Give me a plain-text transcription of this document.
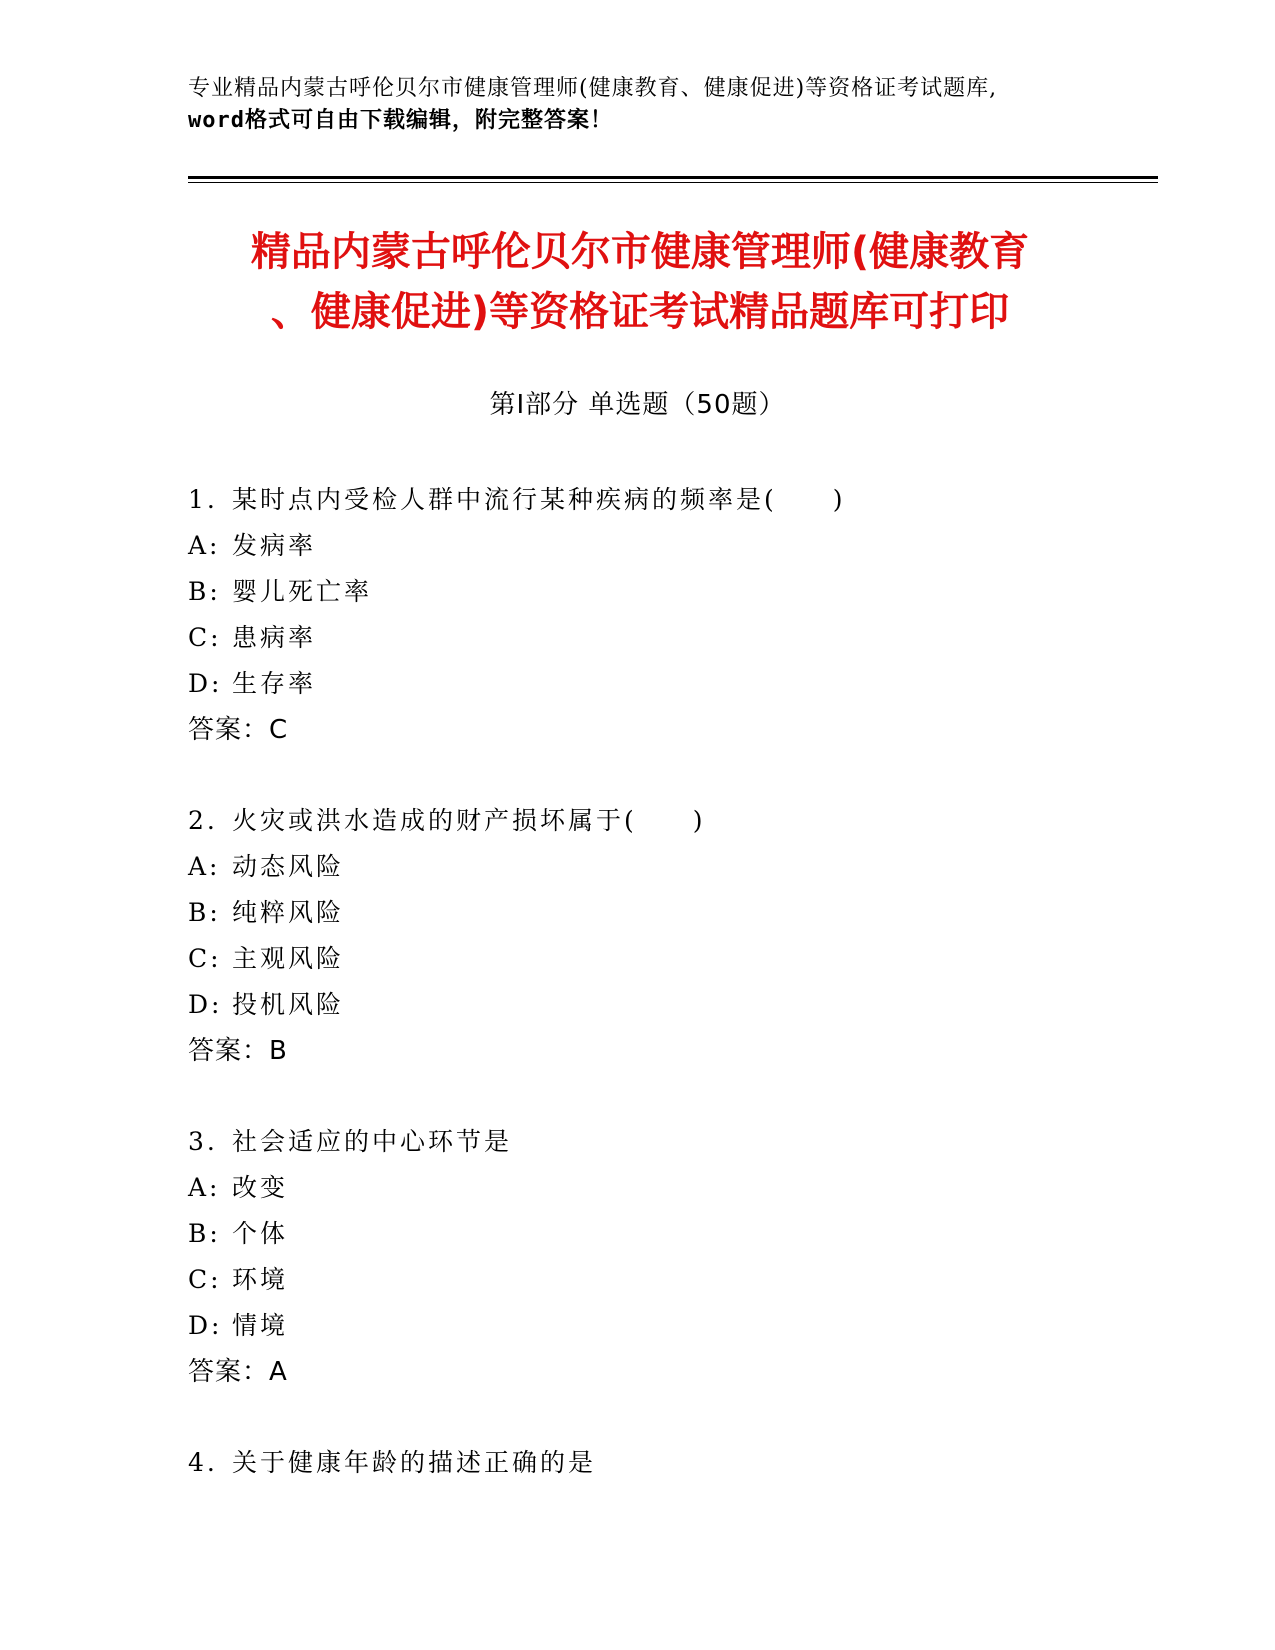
专业精品内蒙古呼伦贝尔市健康管理师(健康教育、健康促进)等资格证考试题库,
word格式可自由下载编辑，附完整答案！
精品内蒙古呼伦贝尔市健康管理师(健康教育
、健康促进)等资格证考试精品题库可打印
第Ⅰ部分 单选题（50题）
1. 某时点内受检人群中流行某种疾病的频率是(　　)
A: 发病率
B: 婴儿死亡率
C: 患病率
D: 生存率
答案：C
2. 火灾或洪水造成的财产损坏属于(　　)
A: 动态风险
B: 纯粹风险
C: 主观风险
D: 投机风险
答案：B
3. 社会适应的中心环节是
A: 改变
B: 个体
C: 环境
D: 情境
答案：A
4. 关于健康年龄的描述正确的是
